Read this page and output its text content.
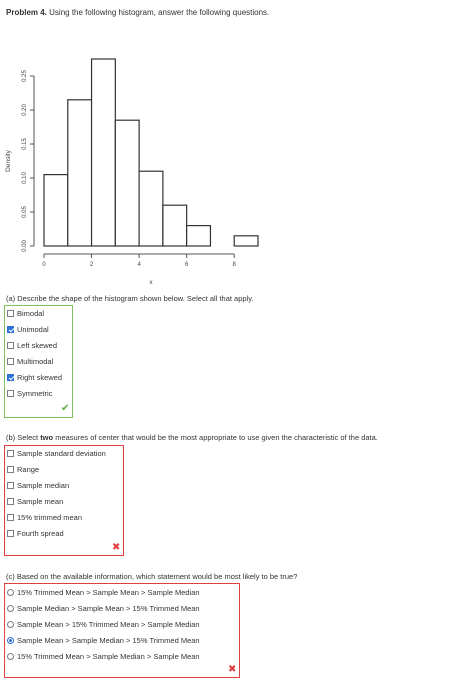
Problem 4. Using the following histogram, answer the following questions.
0.00
0.05
0.10
0.15
0.20
0.25
Density
0	2	4	6	8
x
(a) Describe the shape of the histogram shown below. Select all that apply.
Bimodal
Unimodal
Left skewed
Multimodal
Right skewed
Symmetric
✔
(b) Select two measures of center that would be the most appropriate to use given the characteristic of the data.
Sample standard deviation
Range
Sample median
Sample mean
15% trimmed mean
Fourth spread
✖
(c) Based on the available information, which statement would be most likely to be true?
15% Trimmed Mean > Sample Mean > Sample Median
Sample Median > Sample Mean > 15% Trimmed Mean
Sample Mean > 15% Trimmed Mean > Sample Median
Sample Mean > Sample Median > 15% Trimmed Mean
15% Trimmed Mean > Sample Median > Sample Mean
✖
